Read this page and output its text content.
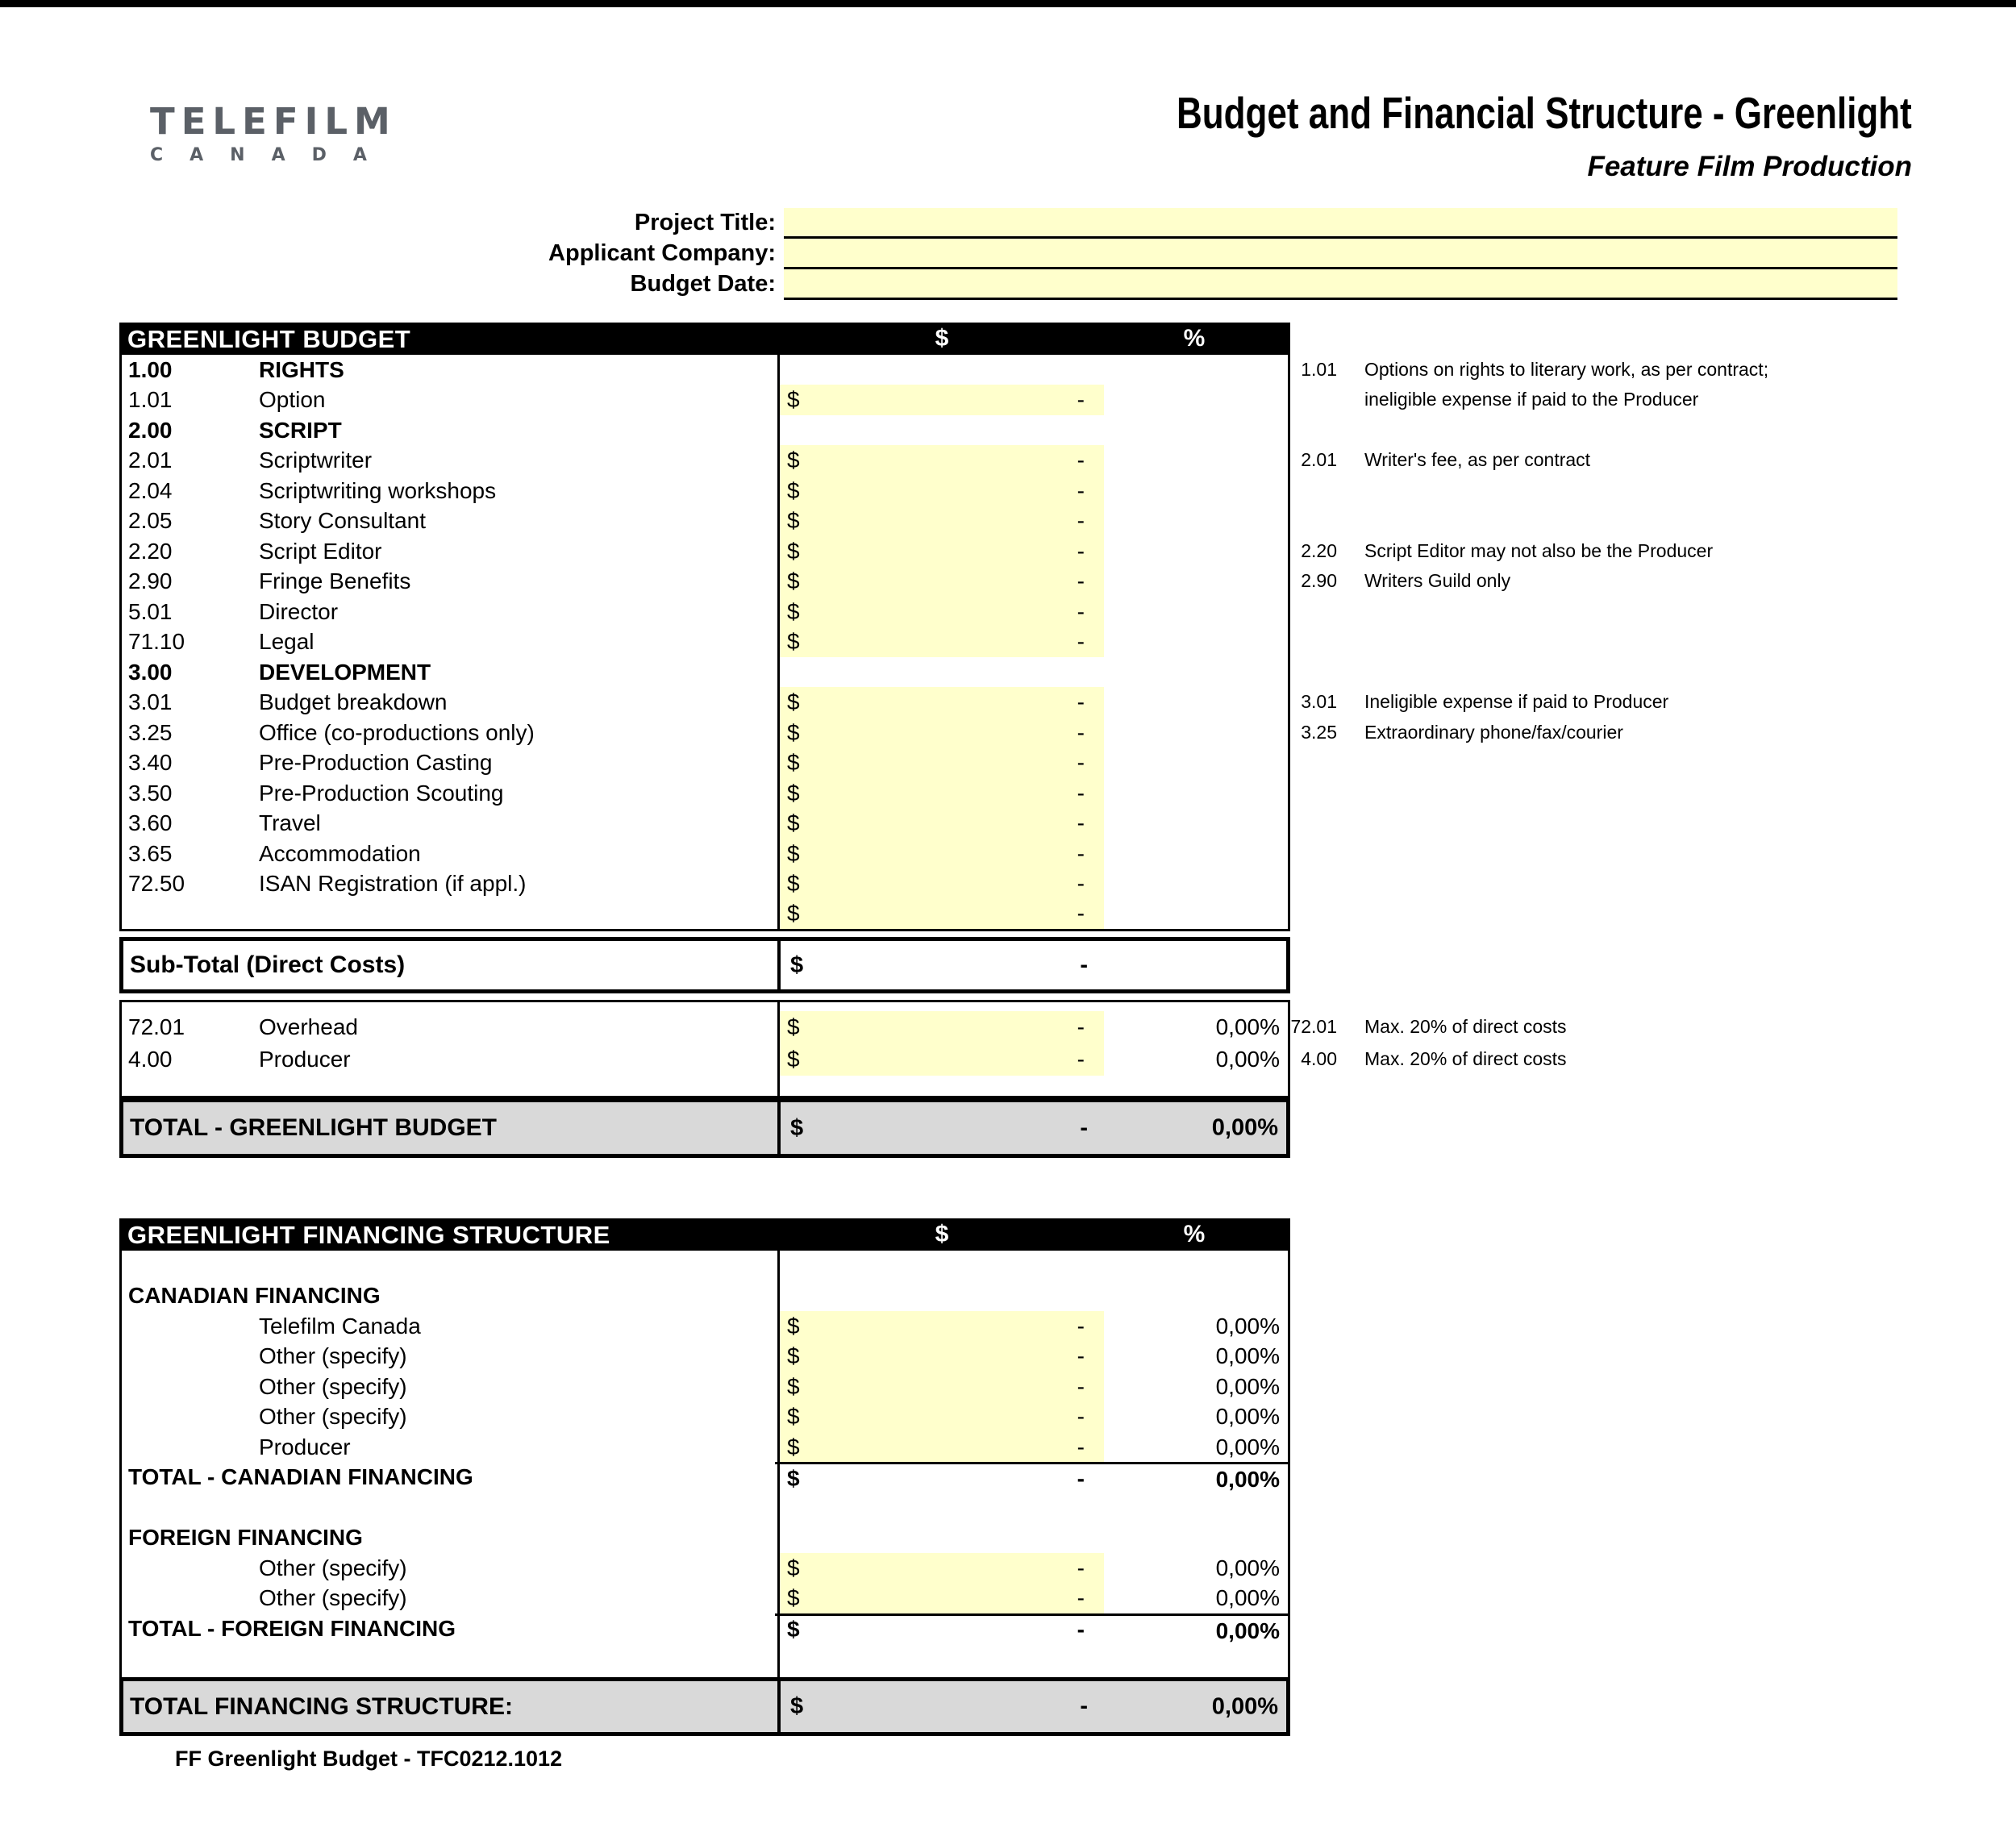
TELEFILM
CANADA
Budget and Financial Structure - Greenlight
Feature Film Production
Project Title:
Applicant Company:
Budget Date:
GREENLIGHT BUDGET	$	%
1.00	RIGHTS
1.01	Option	$	-
2.00	SCRIPT
2.01	Scriptwriter	$	-
2.04	Scriptwriting workshops	$	-
2.05	Story Consultant	$	-
2.20	Script Editor	$	-
2.90	Fringe Benefits	$	-
5.01	Director	$	-
71.10	Legal	$	-
3.00	DEVELOPMENT
3.01	Budget breakdown	$	-
3.25	Office (co-productions only)	$	-
3.40	Pre-Production Casting	$	-
3.50	Pre-Production Scouting	$	-
3.60	Travel	$	-
3.65	Accommodation	$	-
72.50	ISAN Registration (if appl.)	$	-
$	-
Sub-Total (Direct Costs)	$	-
72.01	Overhead	$	-	0,00%
4.00	Producer	$	-	0,00%
TOTAL - GREENLIGHT BUDGET	$	-	0,00%
1.01 Options on rights to literary work, as per contract;
ineligible expense if paid to the Producer
2.01 Writer's fee, as per contract
2.20 Script Editor may not also be the Producer
2.90 Writers Guild only
3.01 Ineligible expense if paid to Producer
3.25 Extraordinary phone/fax/courier
72.01 Max. 20% of direct costs
4.00 Max. 20% of direct costs
GREENLIGHT FINANCING STRUCTURE	$	%
CANADIAN FINANCING
Telefilm Canada	$	-	0,00%
Other (specify)	$	-	0,00%
Other (specify)	$	-	0,00%
Other (specify)	$	-	0,00%
Producer	$	-	0,00%
TOTAL - CANADIAN FINANCING	$	-	0,00%
FOREIGN FINANCING
Other (specify)	$	-	0,00%
Other (specify)	$	-	0,00%
TOTAL - FOREIGN FINANCING	$	-	0,00%
TOTAL FINANCING STRUCTURE:	$	-	0,00%
FF Greenlight Budget - TFC0212.1012
